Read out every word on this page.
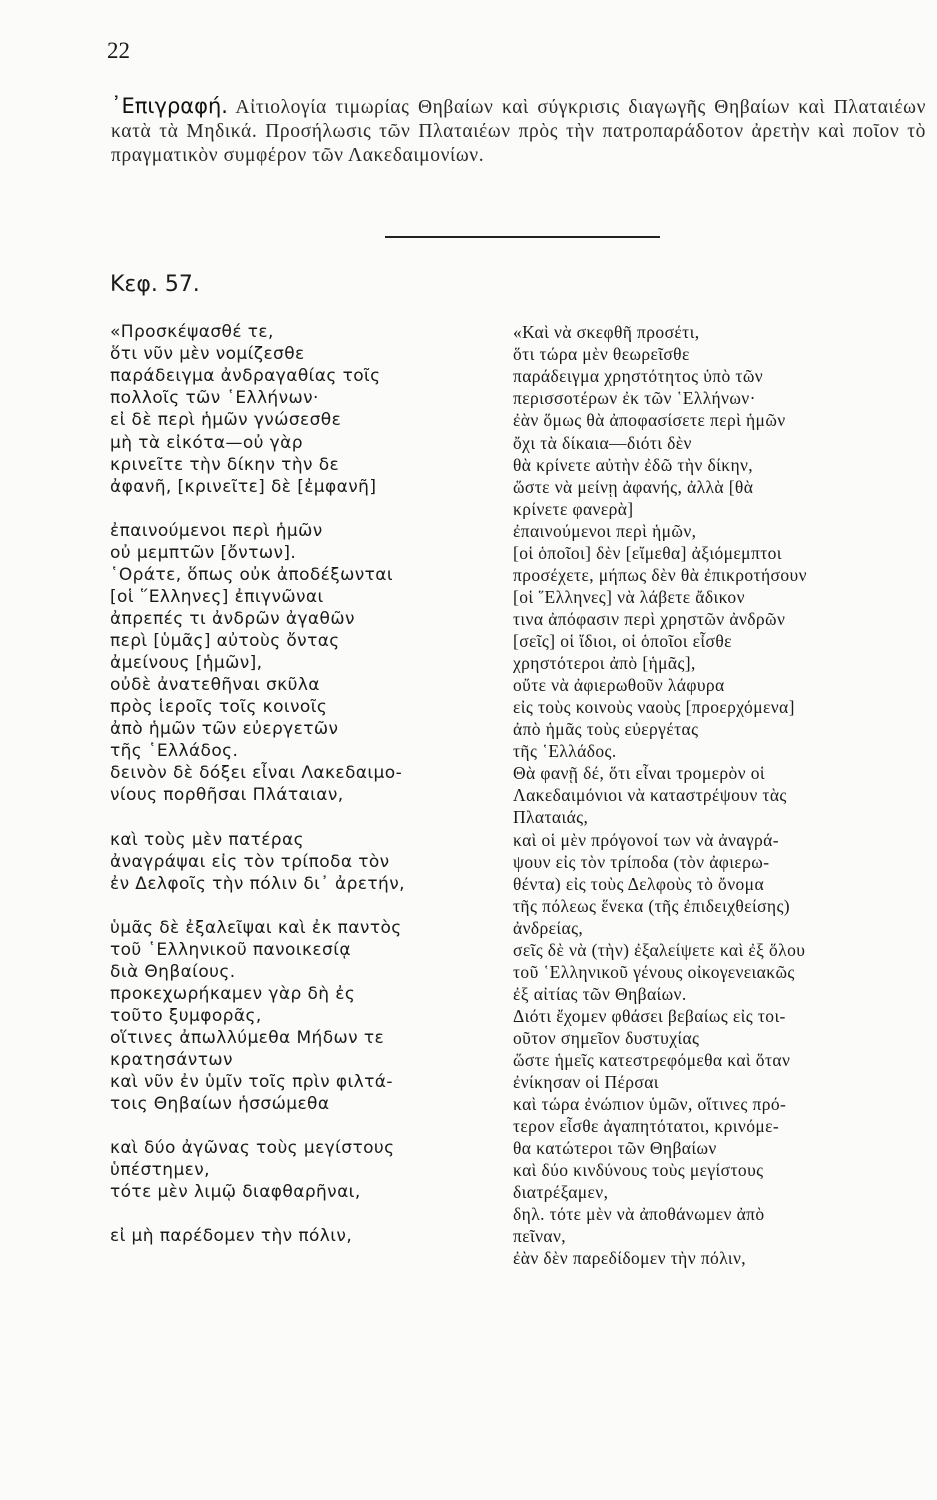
22
᾽Επιγραφή. Αἰτιολογία τιμωρίας Θηβαίων καὶ σύγκρισις διαγωγῆς Θηβαίων καὶ Πλαταιέων κατὰ τὰ Μηδικά. Προσήλωσις τῶν Πλαταιέων πρὸς τὴν πατροπαράδοτον ἀρετὴν καὶ ποῖον τὸ πραγματικὸν συμφέρον τῶν Λακεδαιμονίων.
Κεφ. 57.
«Προσκέψασθέ τε,
ὅτι νῦν μὲν νομίζεσθε
παράδειγμα ἀνδραγαθίας τοῖς
πολλοῖς τῶν ῾Ελλήνων·
εἰ δὲ περὶ ἡμῶν γνώσεσθε
μὴ τὰ εἰκότα—οὐ γὰρ
κρινεῖτε τὴν δίκην τὴν δε
ἀφανῆ, [κρινεῖτε] δὲ [ἐμφανῆ]
ἐπαινούμενοι περὶ ἡμῶν
οὐ μεμπτῶν [ὄντων].
῾Οράτε, ὅπως οὐκ ἀποδέξωνται
[οἱ ῞Ελληνες] ἐπιγνῶναι
ἀπρεπές τι ἀνδρῶν ἀγαθῶν
περὶ [ὑμᾶς] αὐτοὺς ὄντας
ἀμείνους [ἡμῶν],
οὐδὲ ἀνατεθῆναι σκῦλα
πρὸς ἱεροῖς τοῖς κοινοῖς
ἀπὸ ἡμῶν τῶν εὐεργετῶν
τῆς ῾Ελλάδος.
δεινὸν δὲ δόξει εἶναι Λακεδαιμο-
νίους πορθῆσαι Πλάταιαν,
καὶ τοὺς μὲν πατέρας
ἀναγράψαι εἰς τὸν τρίποδα τὸν
ἐν Δελφοῖς τὴν πόλιν δι᾽ ἀρετήν,
ὑμᾶς δὲ ἐξαλεῖψαι καὶ ἐκ παντὸς
τοῦ ῾Ελληνικοῦ πανοικεσίᾳ
διὰ Θηβαίους.
προκεχωρήκαμεν γὰρ δὴ ἐς
τοῦτο ξυμφορᾶς,
οἵτινες ἀπωλλύμεθα Μήδων τε
κρατησάντων
καὶ νῦν ἐν ὑμῖν τοῖς πρὶν φιλτά-
τοις Θηβαίων ἡσσώμεθα
καὶ δύο ἀγῶνας τοὺς μεγίστους
ὑπέστημεν,
τότε μὲν λιμῷ διαφθαρῆναι,
εἰ μὴ παρέδομεν τὴν πόλιν,
«Καὶ νὰ σκεφθῆ προσέτι,
ὅτι τώρα μὲν θεωρεῖσθε
παράδειγμα χρηστότητος ὑπὸ τῶν
περισσοτέρων ἐκ τῶν ῾Ελλήνων·
ἐὰν ὅμως θὰ ἀποφασίσετε περὶ ἡμῶν
ὄχι τὰ δίκαια—διότι δὲν
θὰ κρίνετε αὐτὴν ἐδῶ τὴν δίκην,
ὥστε νὰ μείνῃ ἀφανής, ἀλλὰ [θὰ
κρίνετε φανερὰ]
ἐπαινούμενοι περὶ ἡμῶν,
[οἱ ὁποῖοι] δὲν [εἴμεθα] ἀξιόμεμπτοι
προσέχετε, μήπως δὲν θὰ ἐπικροτήσουν
[οἱ ῞Ελληνες] νὰ λάβετε ἄδικον
τινα ἀπόφασιν περὶ χρηστῶν ἀνδρῶν
[σεῖς] οἱ ἴδιοι, οἱ ὁποῖοι εἶσθε
χρηστότεροι ἀπὸ [ἡμᾶς],
οὔτε νὰ ἀφιερωθοῦν λάφυρα
εἰς τοὺς κοινοὺς ναοὺς [προερχόμενα]
ἀπὸ ἡμᾶς τοὺς εὐεργέτας
τῆς ῾Ελλάδος.
Θὰ φανῇ δέ, ὅτι εἶναι τρομερὸν οἱ
Λακεδαιμόνιοι νὰ καταστρέψουν τὰς
Πλαταιάς,
καὶ οἱ μὲν πρόγονοί των νὰ ἀναγρά-
ψουν εἰς τὸν τρίποδα (τὸν ἀφιερω-
θέντα) εἰς τοὺς Δελφοὺς τὸ ὄνομα
τῆς πόλεως ἕνεκα (τῆς ἐπιδειχθείσης)
ἀνδρείας,
σεῖς δὲ νὰ (τὴν) ἐξαλείψετε καὶ ἐξ ὅλου
τοῦ ῾Ελληνικοῦ γένους οἰκογενειακῶς
ἐξ αἰτίας τῶν Θηβαίων.
Διότι ἔχομεν φθάσει βεβαίως εἰς τοι-
οῦτον σημεῖον δυστυχίας
ὥστε ἡμεῖς κατεστρεφόμεθα καὶ ὅταν
ἐνίκησαν οἱ Πέρσαι
καὶ τώρα ἐνώπιον ὑμῶν, οἵτινες πρό-
τερον εἶσθε ἀγαπητότατοι, κρινόμε-
θα κατώτεροι τῶν Θηβαίων
καὶ δύο κινδύνους τοὺς μεγίστους
διατρέξαμεν,
δηλ. τότε μὲν νὰ ἀποθάνωμεν ἀπὸ
πεῖναν,
ἐὰν δὲν παρεδίδομεν τὴν πόλιν,
